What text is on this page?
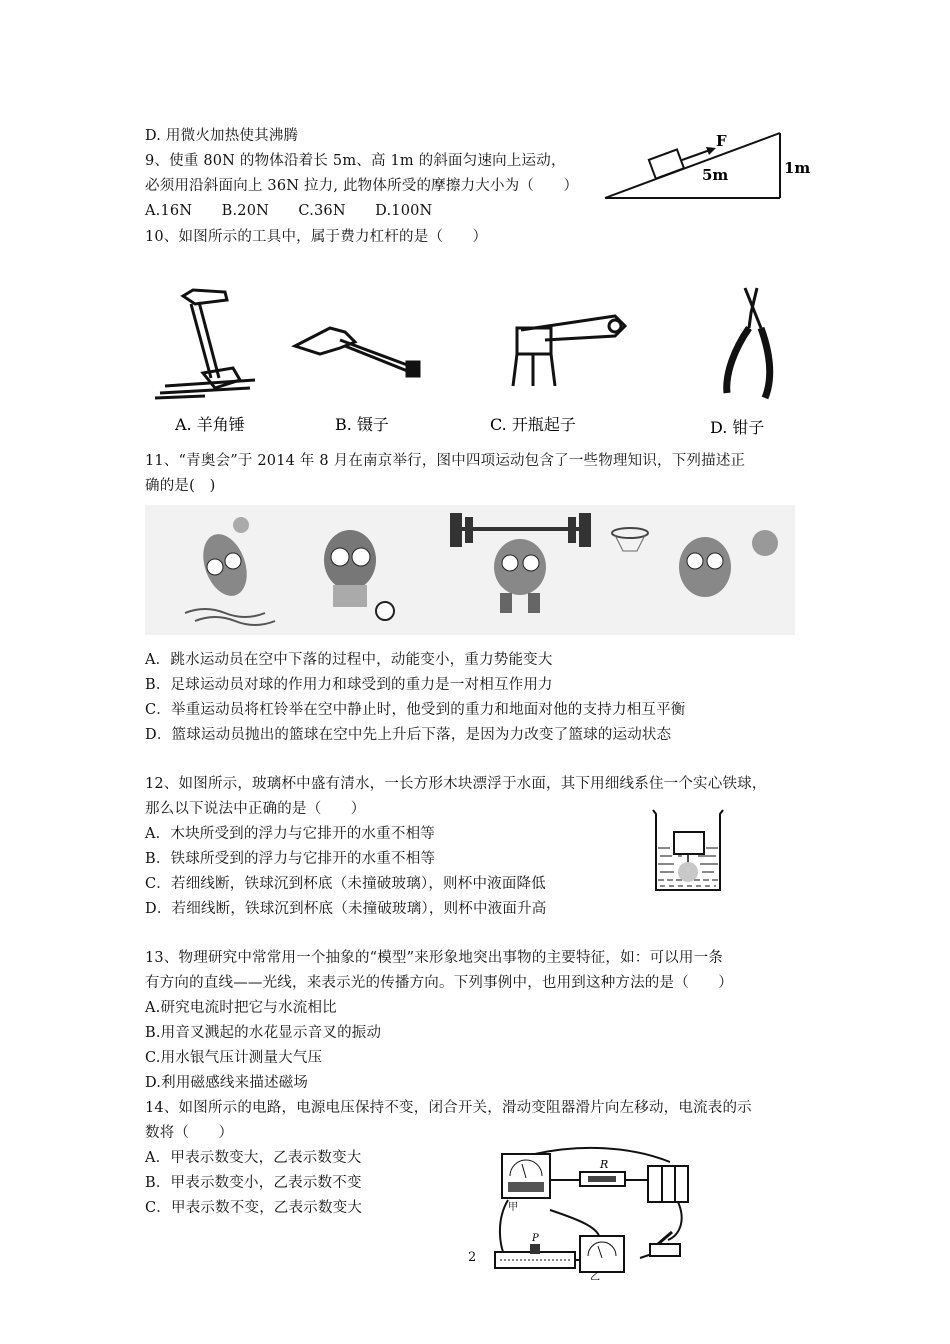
D. 用微火加热使其沸腾
9、使重 80N 的物体沿着长 5m、高 1m 的斜面匀速向上运动，
必须用沿斜面向上 36N 拉力, 此物体所受的摩擦力大小为（　　）
A.16N　　B.20N　　C.36N　　D.100N
F
5m	1m
10、如图所示的工具中，属于费力杠杆的是（　　）
A. 羊角锤	B. 镊子	C. 开瓶起子	D. 钳子
11、“青奥会”于 2014 年 8 月在南京举行，图中四项运动包含了一些物理知识，下列描述正
确的是(　)
A．跳水运动员在空中下落的过程中，动能变小，重力势能变大
B．足球运动员对球的作用力和球受到的重力是一对相互作用力
C．举重运动员将杠铃举在空中静止时，他受到的重力和地面对他的支持力相互平衡
D．篮球运动员抛出的篮球在空中先上升后下落，是因为力改变了篮球的运动状态
12、如图所示，玻璃杯中盛有清水，一长方形木块漂浮于水面，其下用细线系住一个实心铁球，
那么以下说法中正确的是（　　）
A．木块所受到的浮力与它排开的水重不相等
B．铁球所受到的浮力与它排开的水重不相等
C．若细线断，铁球沉到杯底（未撞破玻璃），则杯中液面降低
D．若细线断，铁球沉到杯底（未撞破玻璃），则杯中液面升高
13、物理研究中常常用一个抽象的“模型”来形象地突出事物的主要特征，如：可以用一条
有方向的直线——光线，来表示光的传播方向。下列事例中，也用到这种方法的是（　　）
A.研究电流时把它与水流相比
B.用音叉溅起的水花显示音叉的振动
C.用水银气压计测量大气压
D.利用磁感线来描述磁场
14、如图所示的电路，电源电压保持不变，闭合开关，滑动变阻器滑片向左移动，电流表的示
数将（　　）
A．甲表示数变大，乙表示数变大
B．甲表示数变小，乙表示数不变
C．甲表示数不变，乙表示数变大	甲
R
P
乙
2
